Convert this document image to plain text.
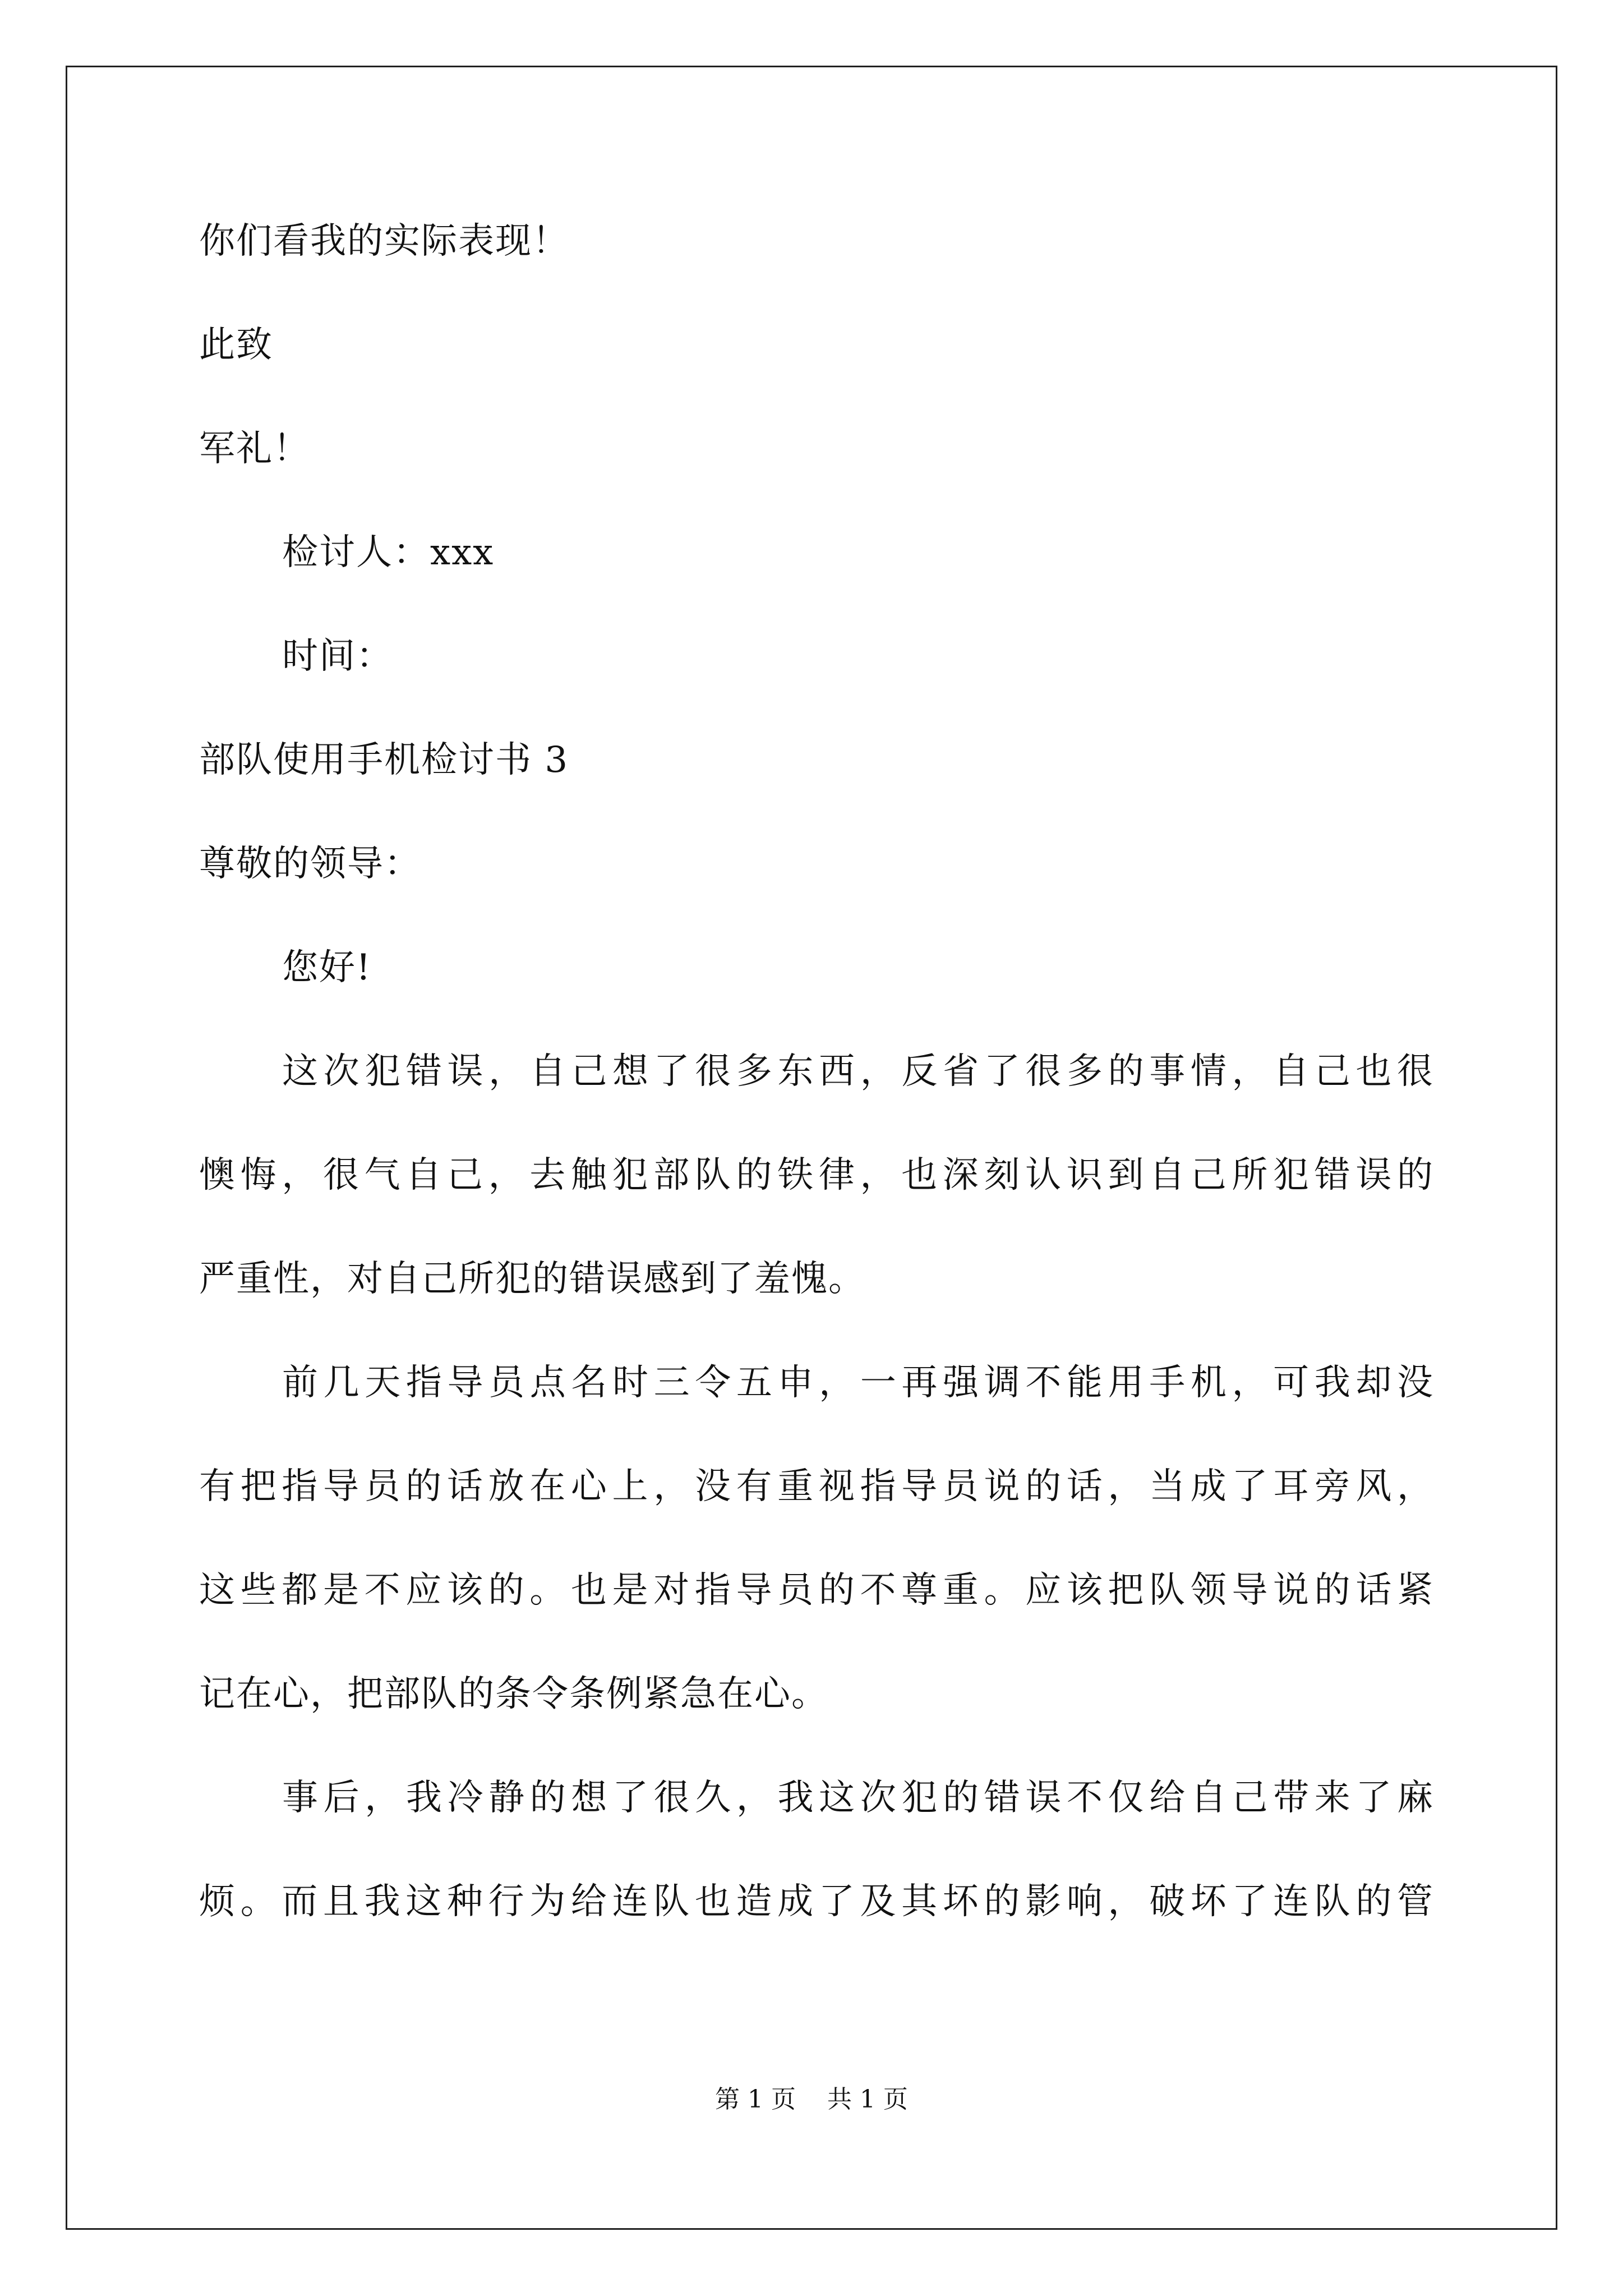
你们看我的实际表现！
此致
军礼！
检讨人：xxx
时间：
部队使用手机检讨书 3
尊敬的领导：
您好!
这次犯错误，自己想了很多东西，反省了很多的事情，自己也很
懊悔，很气自己，去触犯部队的铁律，也深刻认识到自己所犯错误的
严重性，对自己所犯的错误感到了羞愧。
前几天指导员点名时三令五申，一再强调不能用手机，可我却没
有把指导员的话放在心上，没有重视指导员说的话，当成了耳旁风，
这些都是不应该的。也是对指导员的不尊重。应该把队领导说的话紧
记在心，把部队的条令条例紧急在心。
事后，我冷静的想了很久，我这次犯的错误不仅给自己带来了麻
烦。而且我这种行为给连队也造成了及其坏的影响，破坏了连队的管
第 1 页    共 1 页
